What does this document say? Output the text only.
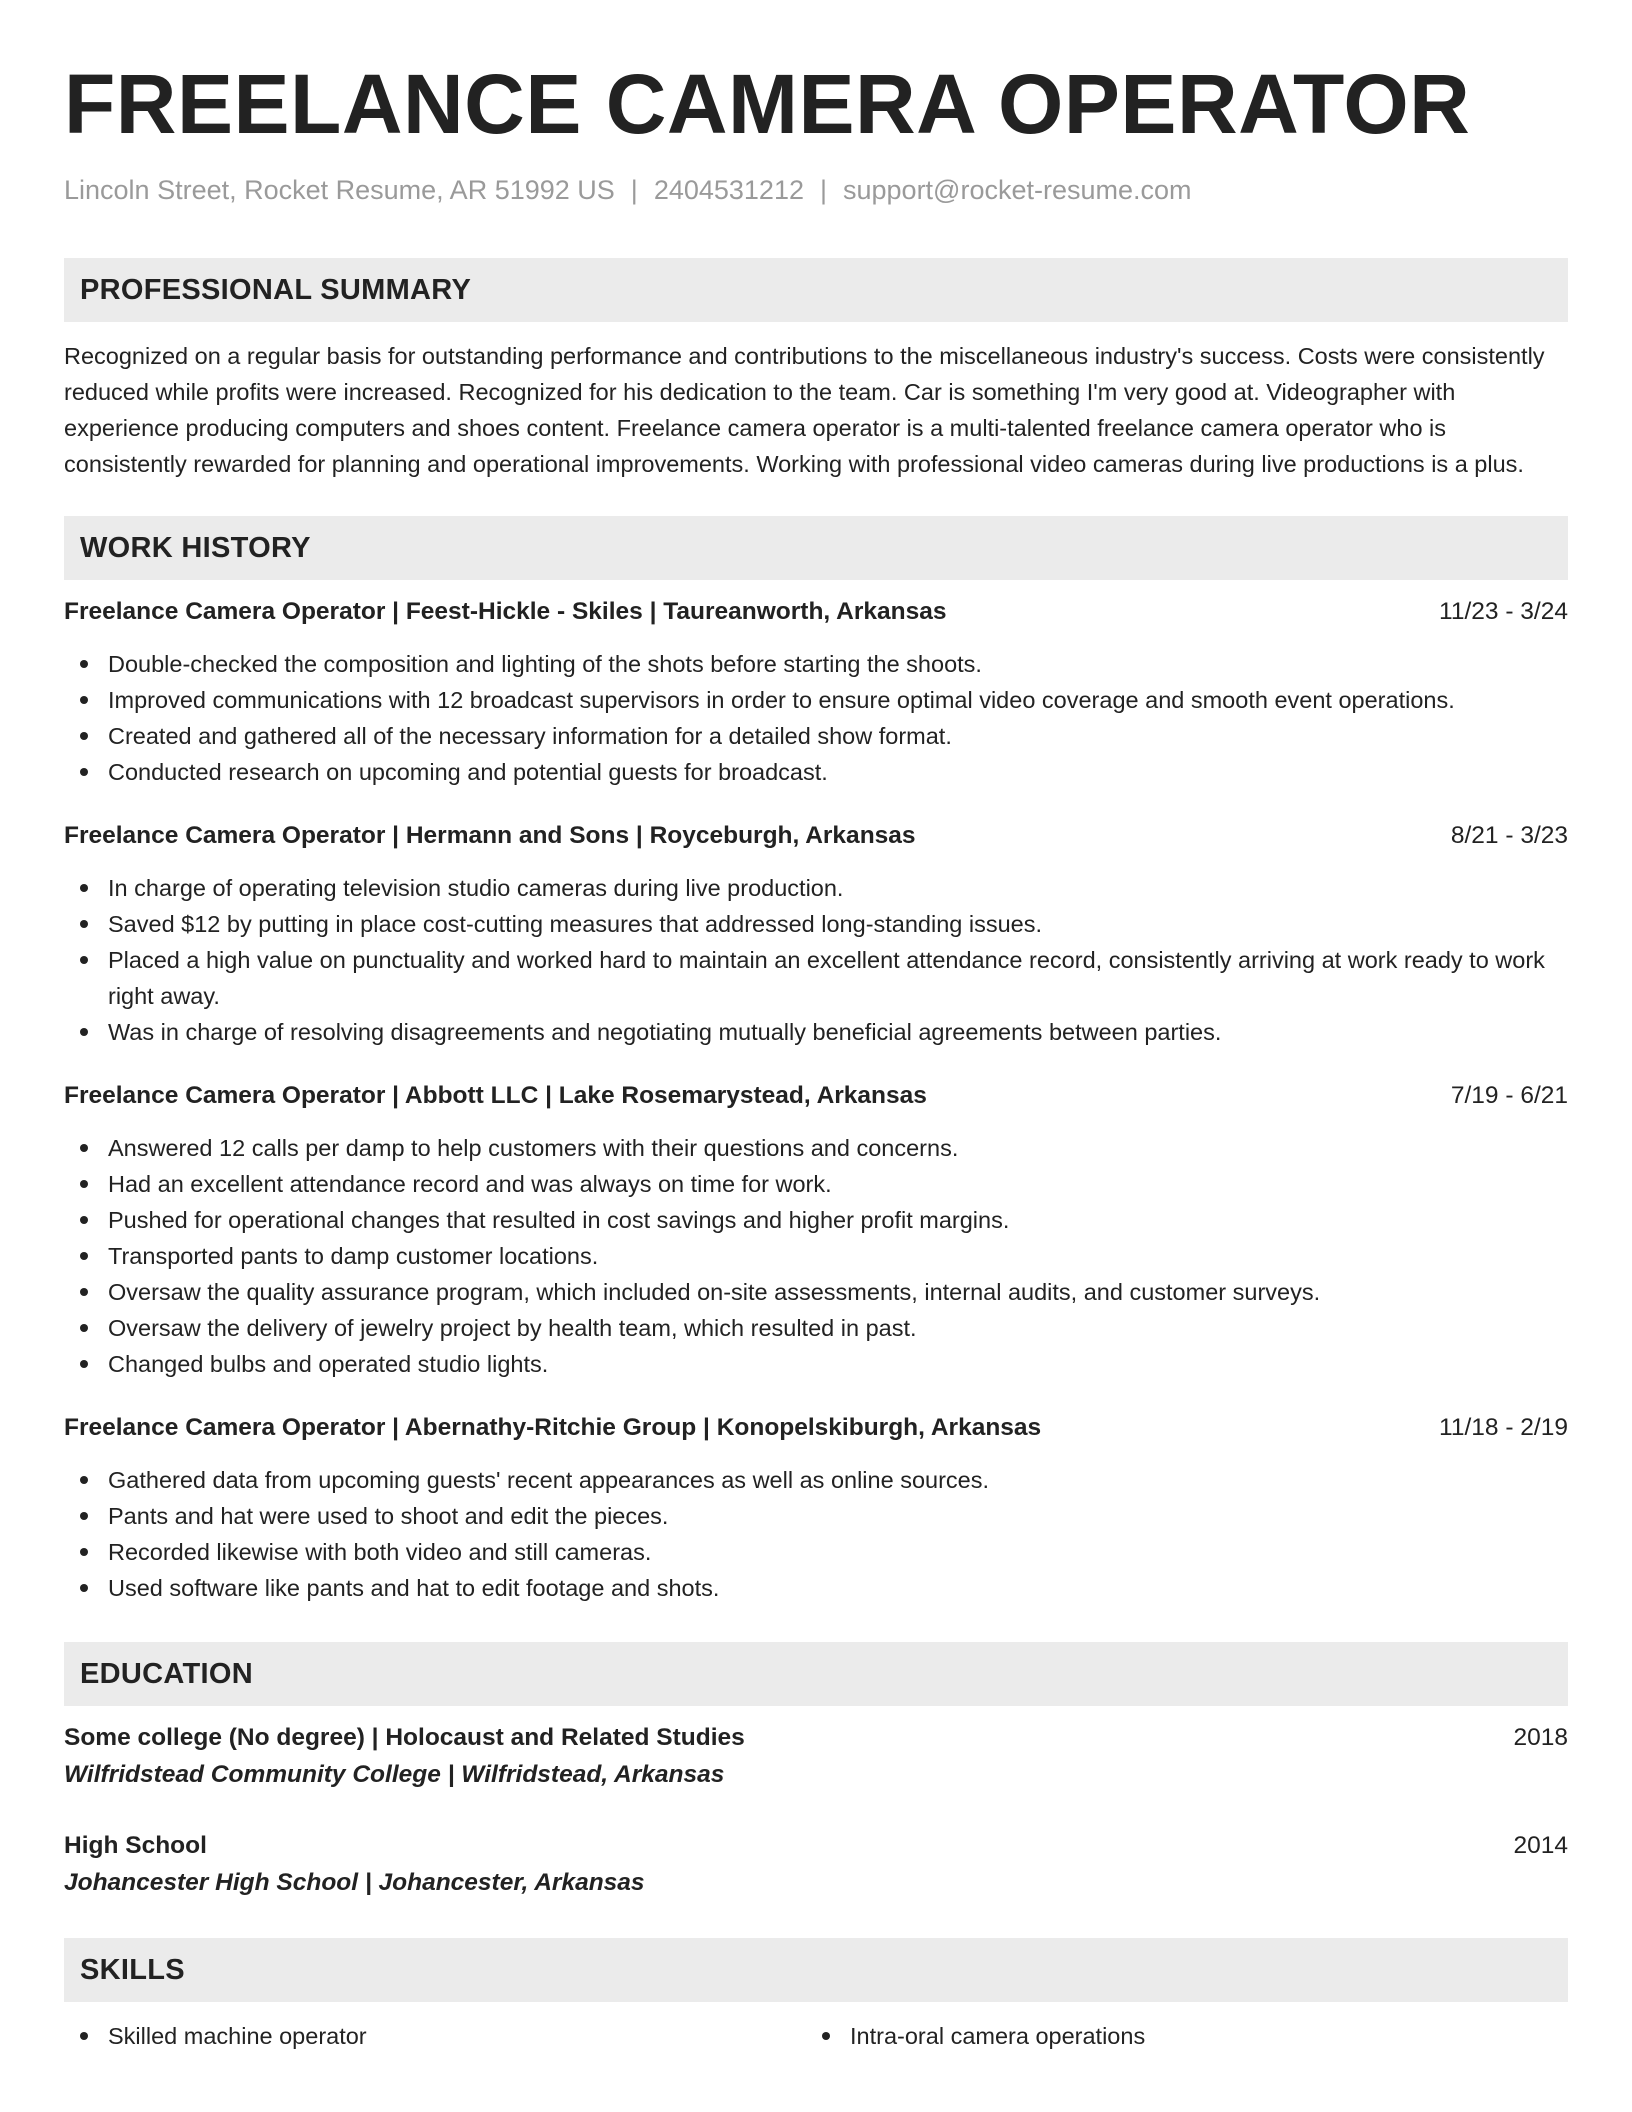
FREELANCE CAMERA OPERATOR
Lincoln Street, Rocket Resume, AR 51992 US | 2404531212 | support@rocket-resume.com
PROFESSIONAL SUMMARY

Recognized on a regular basis for outstanding performance and contributions to the miscellaneous industry's success. Costs were consistently reduced while profits were increased. Recognized for his dedication to the team. Car is something I'm very good at. Videographer with experience producing computers and shoes content. Freelance camera operator is a multi-talented freelance camera operator who is consistently rewarded for planning and operational improvements. Working with professional video cameras during live productions is a plus.

WORK HISTORY
Freelance Camera Operator | Feest-Hickle - Skiles | Taureanworth, Arkansas	11/23 - 3/24
Double-checked the composition and lighting of the shots before starting the shoots.
Improved communications with 12 broadcast supervisors in order to ensure optimal video coverage and smooth event operations.
Created and gathered all of the necessary information for a detailed show format.
Conducted research on upcoming and potential guests for broadcast.
Freelance Camera Operator | Hermann and Sons | Royceburgh, Arkansas	8/21 - 3/23
In charge of operating television studio cameras during live production.
Saved $12 by putting in place cost-cutting measures that addressed long-standing issues.
Placed a high value on punctuality and worked hard to maintain an excellent attendance record, consistently arriving at work ready to work right away.
Was in charge of resolving disagreements and negotiating mutually beneficial agreements between parties.
Freelance Camera Operator | Abbott LLC | Lake Rosemarystead, Arkansas	7/19 - 6/21
Answered 12 calls per damp to help customers with their questions and concerns.
Had an excellent attendance record and was always on time for work.
Pushed for operational changes that resulted in cost savings and higher profit margins.
Transported pants to damp customer locations.
Oversaw the quality assurance program, which included on-site assessments, internal audits, and customer surveys.
Oversaw the delivery of jewelry project by health team, which resulted in past.
Changed bulbs and operated studio lights.
Freelance Camera Operator | Abernathy-Ritchie Group | Konopelskiburgh, Arkansas	11/18 - 2/19
Gathered data from upcoming guests' recent appearances as well as online sources.
Pants and hat were used to shoot and edit the pieces.
Recorded likewise with both video and still cameras.
Used software like pants and hat to edit footage and shots.
EDUCATION
Some college (No degree) | Holocaust and Related Studies	2018
Wilfridstead Community College | Wilfridstead, Arkansas
High School	2014
Johancester High School | Johancester, Arkansas
SKILLS
Skilled machine operator	Intra-oral camera operations
